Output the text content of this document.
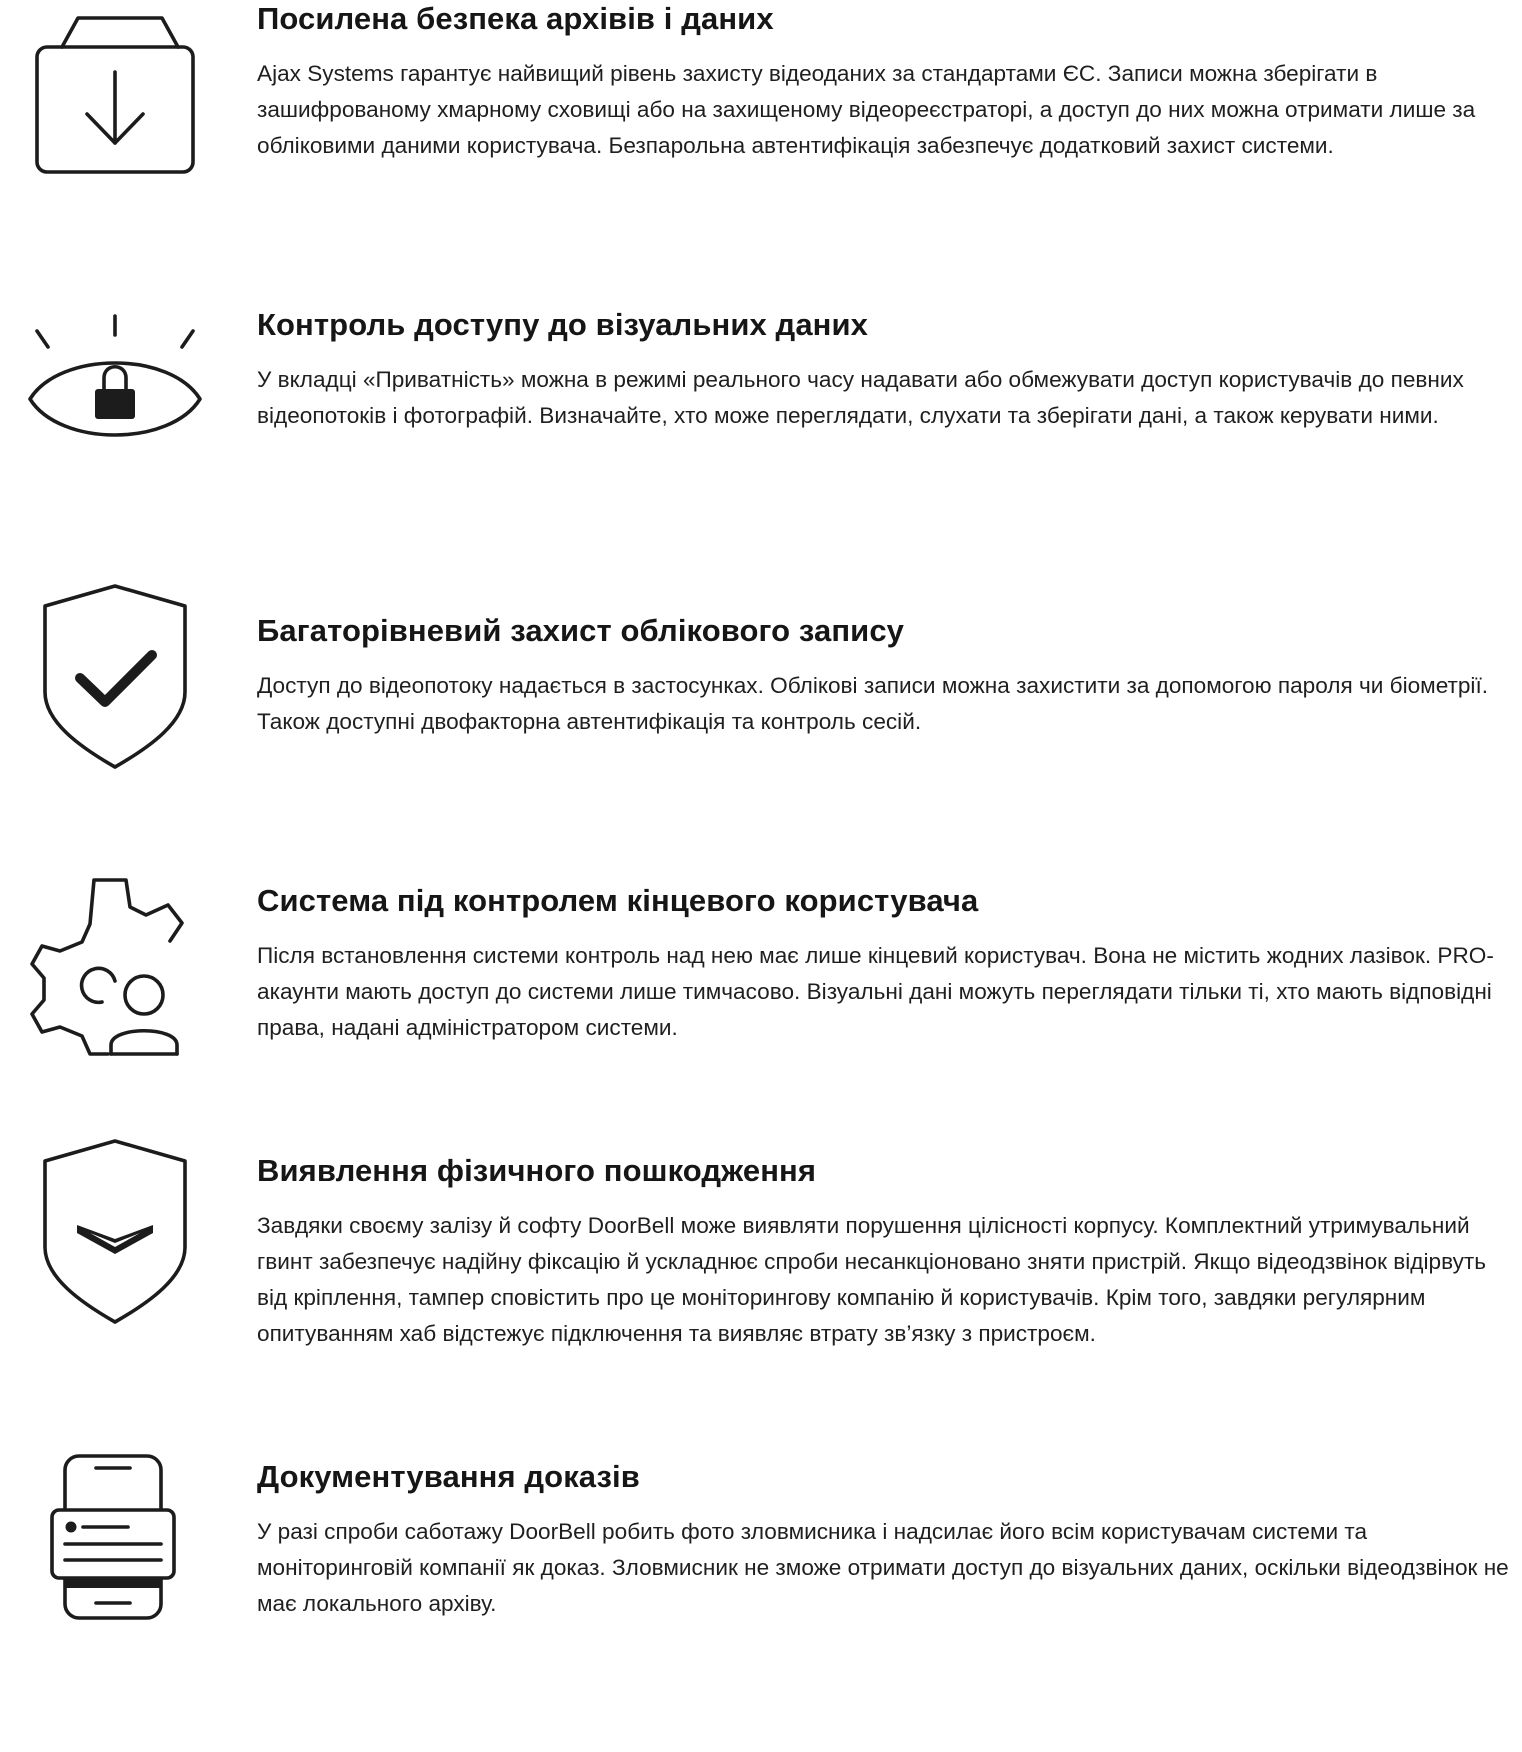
Посилена безпека архівів і даних

Ajax Systems гарантує найвищий рівень захисту відеоданих за стандартами ЄС. Записи можна зберігати в зашифрованому хмарному сховищі або на захищеному відеореєстраторі, а доступ до них можна отримати лише за обліковими даними користувача. Безпарольна автентифікація забезпечує додатковий захист системи.

Контроль доступу до візуальних даних

У вкладці «Приватність» можна в режимі реального часу надавати або обмежувати доступ користувачів до певних відеопотоків і фотографій. Визначайте, хто може переглядати, слухати та зберігати дані, а також керувати ними.

Багаторівневий захист облікового запису

Доступ до відеопотоку надається в застосунках. Облікові записи можна захистити за допомогою пароля чи біометрії. Також доступні двофакторна автентифікація та контроль сесій.

Система під контролем кінцевого користувача

Після встановлення системи контроль над нею має лише кінцевий користувач. Вона не містить жодних лазівок. PRO-акаунти мають доступ до системи лише тимчасово. Візуальні дані можуть переглядати тільки ті, хто мають відповідні права, надані адміністратором системи.

Виявлення фізичного пошкодження

Завдяки своєму залізу й софту DoorBell може виявляти порушення цілісності корпусу. Комплектний утримувальний гвинт забезпечує надійну фіксацію й ускладнює спроби несанкціоновано зняти пристрій. Якщо відеодзвінок відірвуть від кріплення, тампер сповістить про це моніторингову компанію й користувачів. Крім того, завдяки регулярним опитуванням хаб відстежує підключення та виявляє втрату зв’язку з пристроєм.

Документування доказів

У разі спроби саботажу DoorBell робить фото зловмисника і надсилає його всім користувачам системи та моніторинговій компанії як доказ. Зловмисник не зможе отримати доступ до візуальних даних, оскільки відеодзвінок не має локального архіву.
